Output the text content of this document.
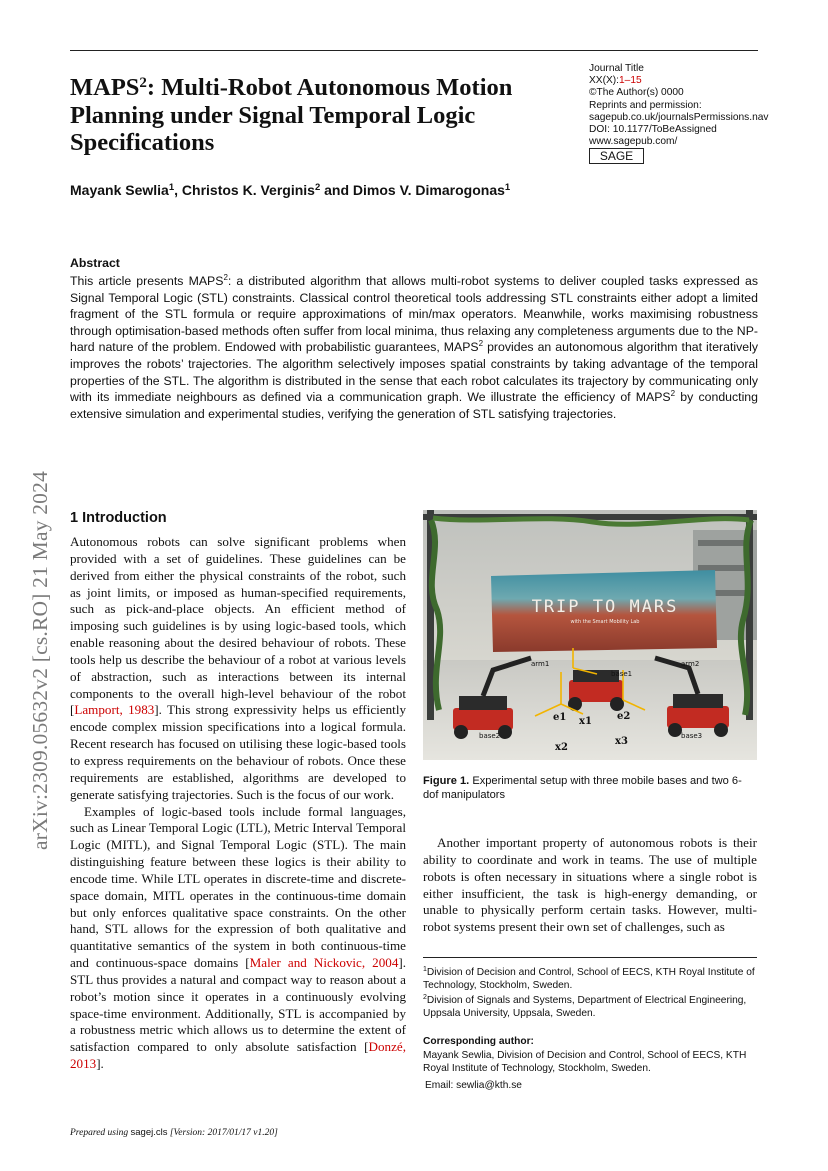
MAPS$^2$: Multi-Robot Autonomous Motion Planning under Signal Temporal Logic Specifications
Journal Title
XX(X):1–15
©The Author(s) 0000
Reprints and permission:
sagepub.co.uk/journalsPermissions.nav
DOI: 10.1177/ToBeAssigned
www.sagepub.com/
SAGE
Mayank Sewlia$^1$, Christos K. Verginis$^2$ and Dimos V. Dimarogonas$^1$
Abstract
This article presents MAPS$^2$: a distributed algorithm that allows multi-robot systems to deliver coupled tasks expressed as Signal Temporal Logic (STL) constraints. Classical control theoretical tools addressing STL constraints either adopt a limited fragment of the STL formula or require approximations of min/max operators. Meanwhile, works maximising robustness through optimisation-based methods often suffer from local minima, thus relaxing any completeness arguments due to the NP-hard nature of the problem. Endowed with probabilistic guarantees, MAPS$^2$ provides an autonomous algorithm that iteratively improves the robots’ trajectories. The algorithm selectively imposes spatial constraints by taking advantage of the temporal properties of the STL. The algorithm is distributed in the sense that each robot calculates its trajectory by communicating only with its immediate neighbours as defined via a communication graph. We illustrate the efficiency of MAPS$^2$ by conducting extensive simulation and experimental studies, verifying the generation of STL satisfying trajectories.
arXiv:2309.05632v2 [cs.RO] 21 May 2024 1 Introduction

Autonomous robots can solve significant problems when provided with a set of guidelines. These guidelines can be derived from either the physical constraints of the robot, such as joint limits, or imposed as human-specified requirements, such as pick-and-place objects. An efficient method of imposing such guidelines is by using logic-based tools, which enable reasoning about the desired behaviour of robots. These tools help us describe the behaviour of a robot at various levels of abstraction, such as interactions between its internal components to the overall high-level behaviour of the robot [Lamport, 1983]. This strong expressivity helps us efficiently encode complex mission specifications into a logical formula. Recent research has focused on utilising these logic-based tools to express requirements on the behaviour of robots. Once these requirements are established, algorithms are developed to generate satisfying trajectories. Such is the focus of our work.

Examples of logic-based tools include formal languages, such as Linear Temporal Logic (LTL), Metric Interval Temporal Logic (MITL), and Signal Temporal Logic (STL). The main distinguishing feature between these logics is their ability to encode time. While LTL operates in discrete-time and discrete-space domain, MITL operates in the continuous-time domain but only enforces qualitative space constraints. On the other hand, STL allows for the expression of both qualitative and quantitative semantics of the system in both continuous-time and continuous-space domains [Maler and Nickovic, 2004]. STL thus provides a natural and compact way to reason about a robot’s motion since it operates in a continuously evolving space-time environment. Additionally, STL is accompanied by a robustness metric which allows us to determine the extent of satisfaction compared to only absolute satisfaction [Donzé, 2013].

TRIP TO MARS
with the Smart Mobility Lab
arm1	arm2
base1
base2	base3
e1	e2
x1
x2
x3
Figure 1. Experimental setup with three mobile bases and two 6-dof manipulators

Another important property of autonomous robots is their ability to coordinate and work in teams. The use of multiple robots is often necessary in situations where a single robot is either insufficient, the task is high-energy demanding, or unable to physically perform certain tasks. However, multi-robot systems present their own set of challenges, such as

$^1$Division of Decision and Control, School of EECS, KTH Royal Institute of Technology, Stockholm, Sweden.
$^2$Division of Signals and Systems, Department of Electrical Engineering, Uppsala University, Uppsala, Sweden.
Corresponding author:
Mayank Sewlia, Division of Decision and Control, School of EECS, KTH Royal Institute of Technology, Stockholm, Sweden.
Email: sewlia@kth.se
Prepared using sagej.cls [Version: 2017/01/17 v1.20]
